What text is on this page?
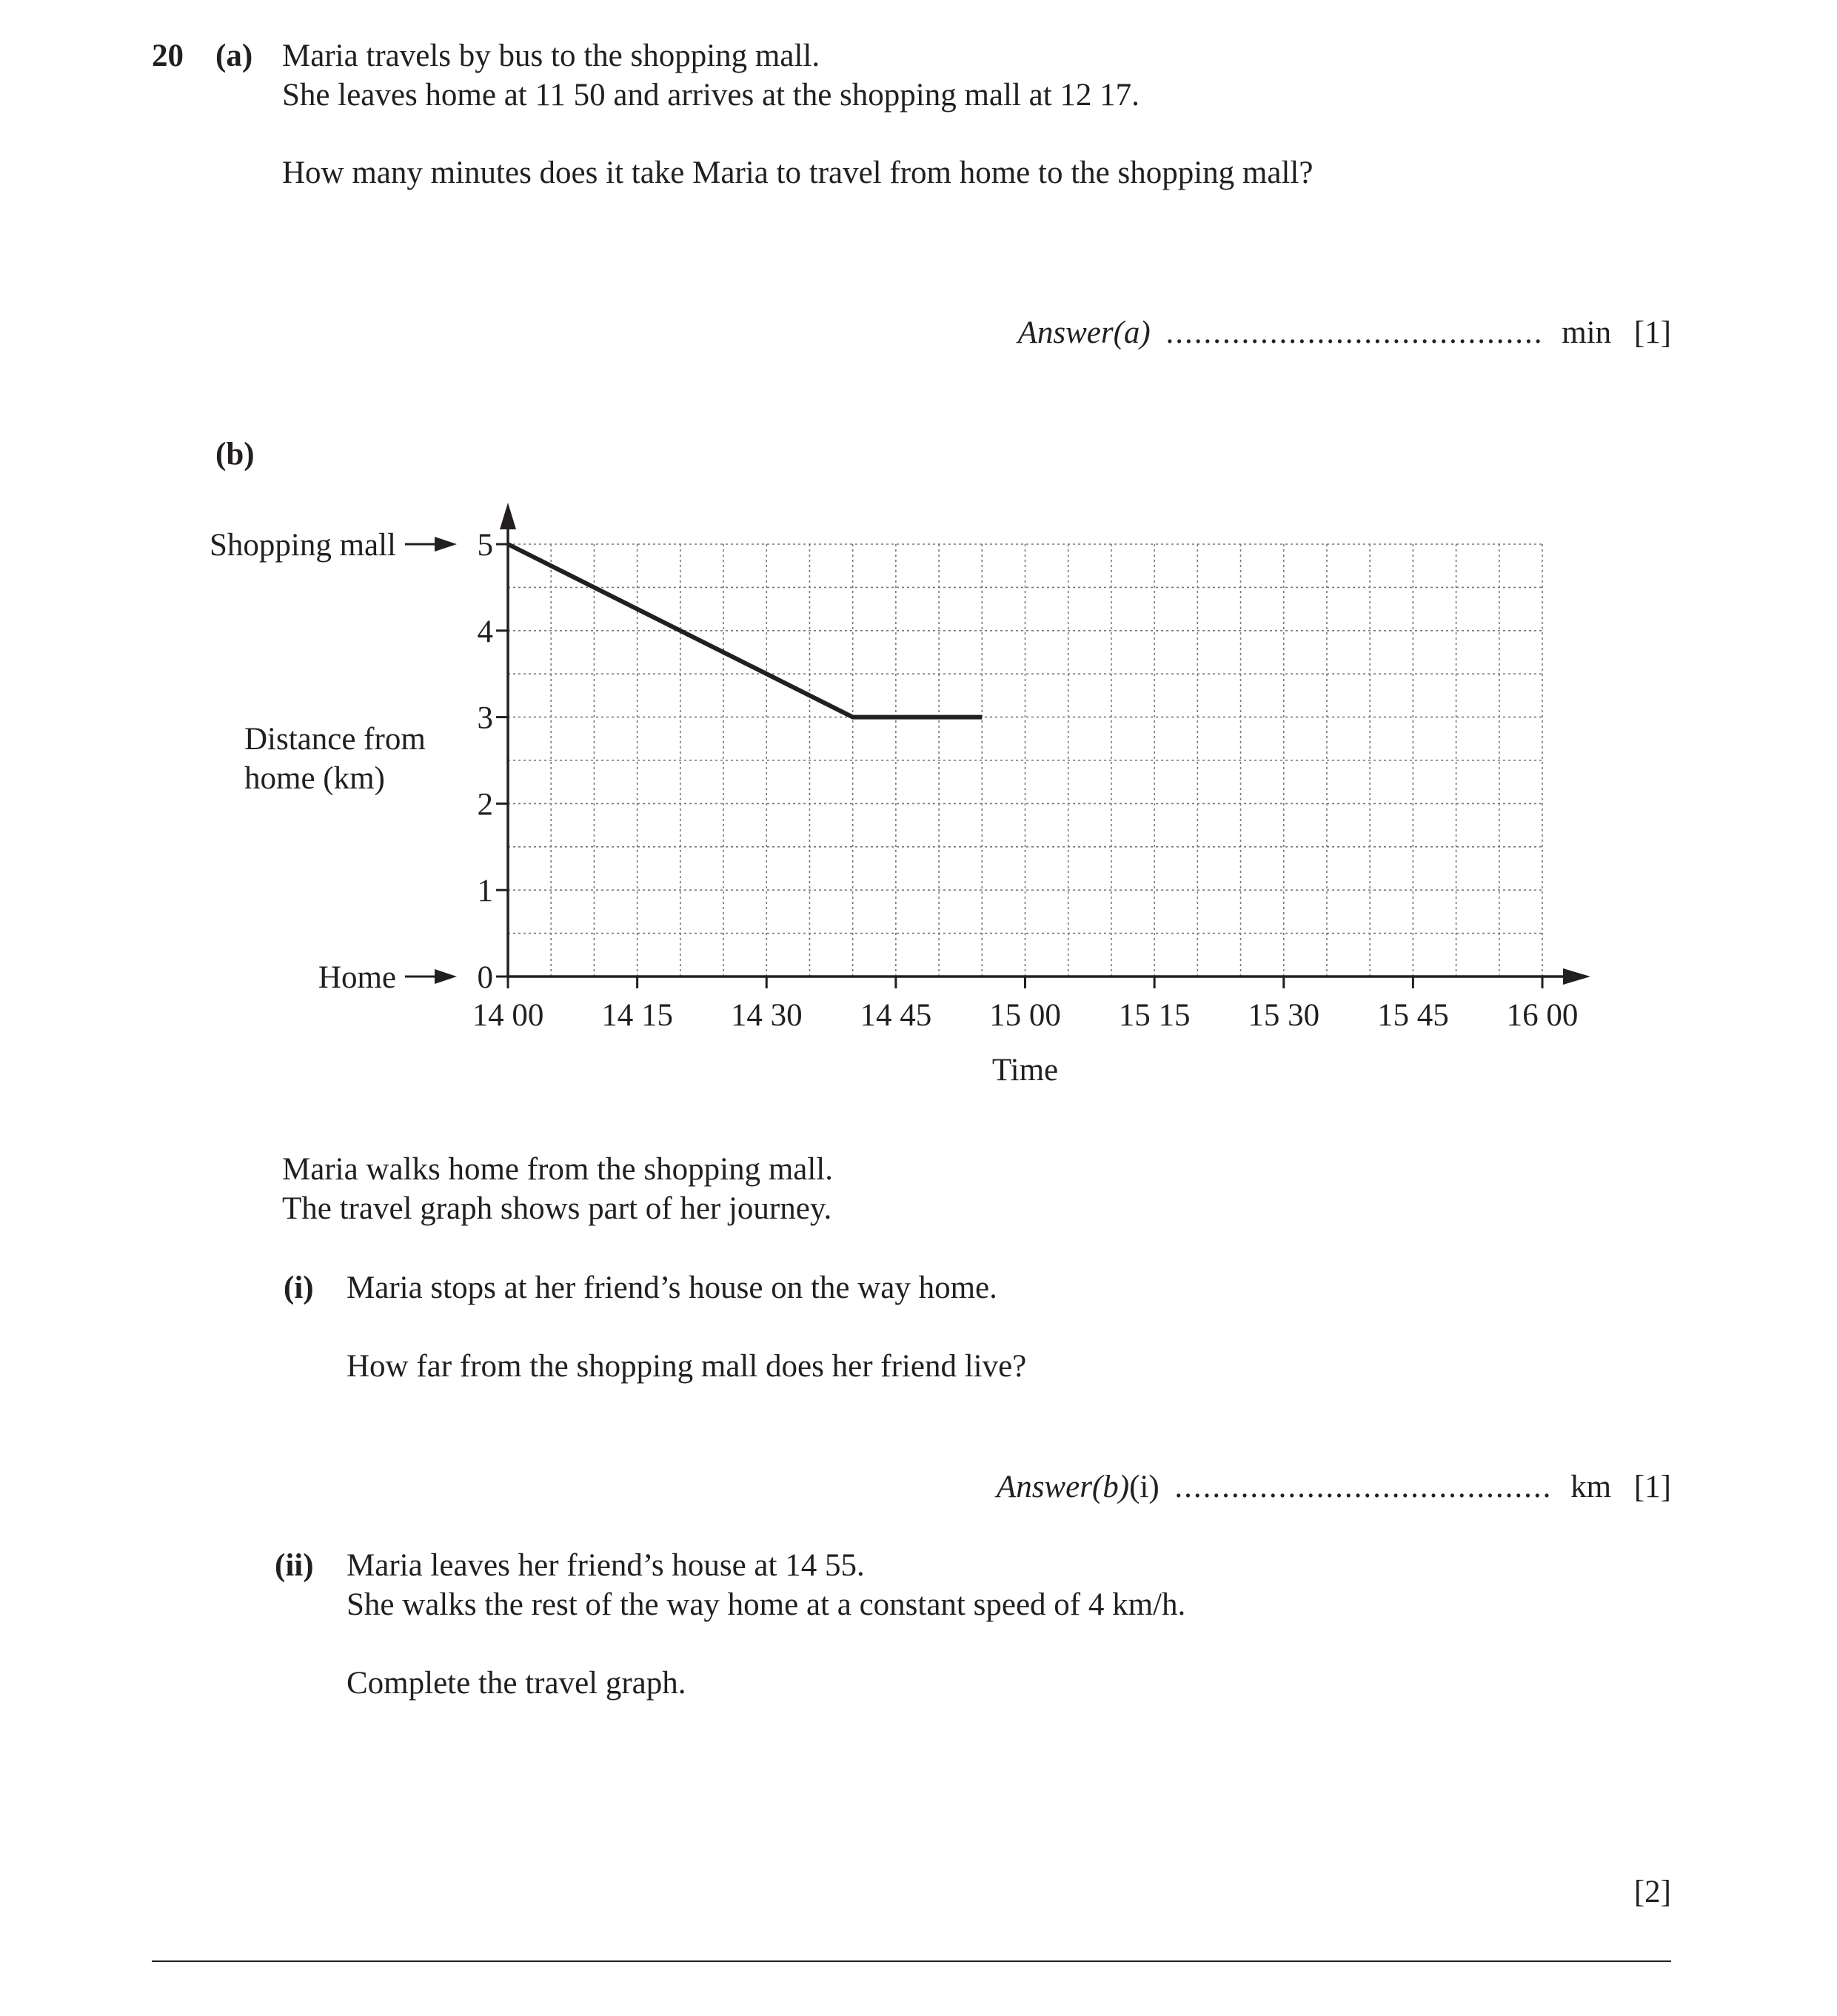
20 (a) Maria travels by bus to the shopping mall.
She leaves home at 11 50 and arrives at the shopping mall at 12 17.
How many minutes does it take Maria to travel from home to the shopping mall?
Answer(a) ........................................ min [1]
(b)
0
1
2
3
4
5
14 00 14 15 14 30 14 45 15 00 15 15 15 30 15 45 16 00
Time
Distance from
home (km)
Shopping mall
Home
Maria walks home from the shopping mall.
The travel graph shows part of her journey.
(i) Maria stops at her friend’s house on the way home.
How far from the shopping mall does her friend live?
Answer(b)(i) ........................................ km [1]
(ii) Maria leaves her friend’s house at 14 55.
She walks the rest of the way home at a constant speed of 4 km/h.
Complete the travel graph.
[2]
